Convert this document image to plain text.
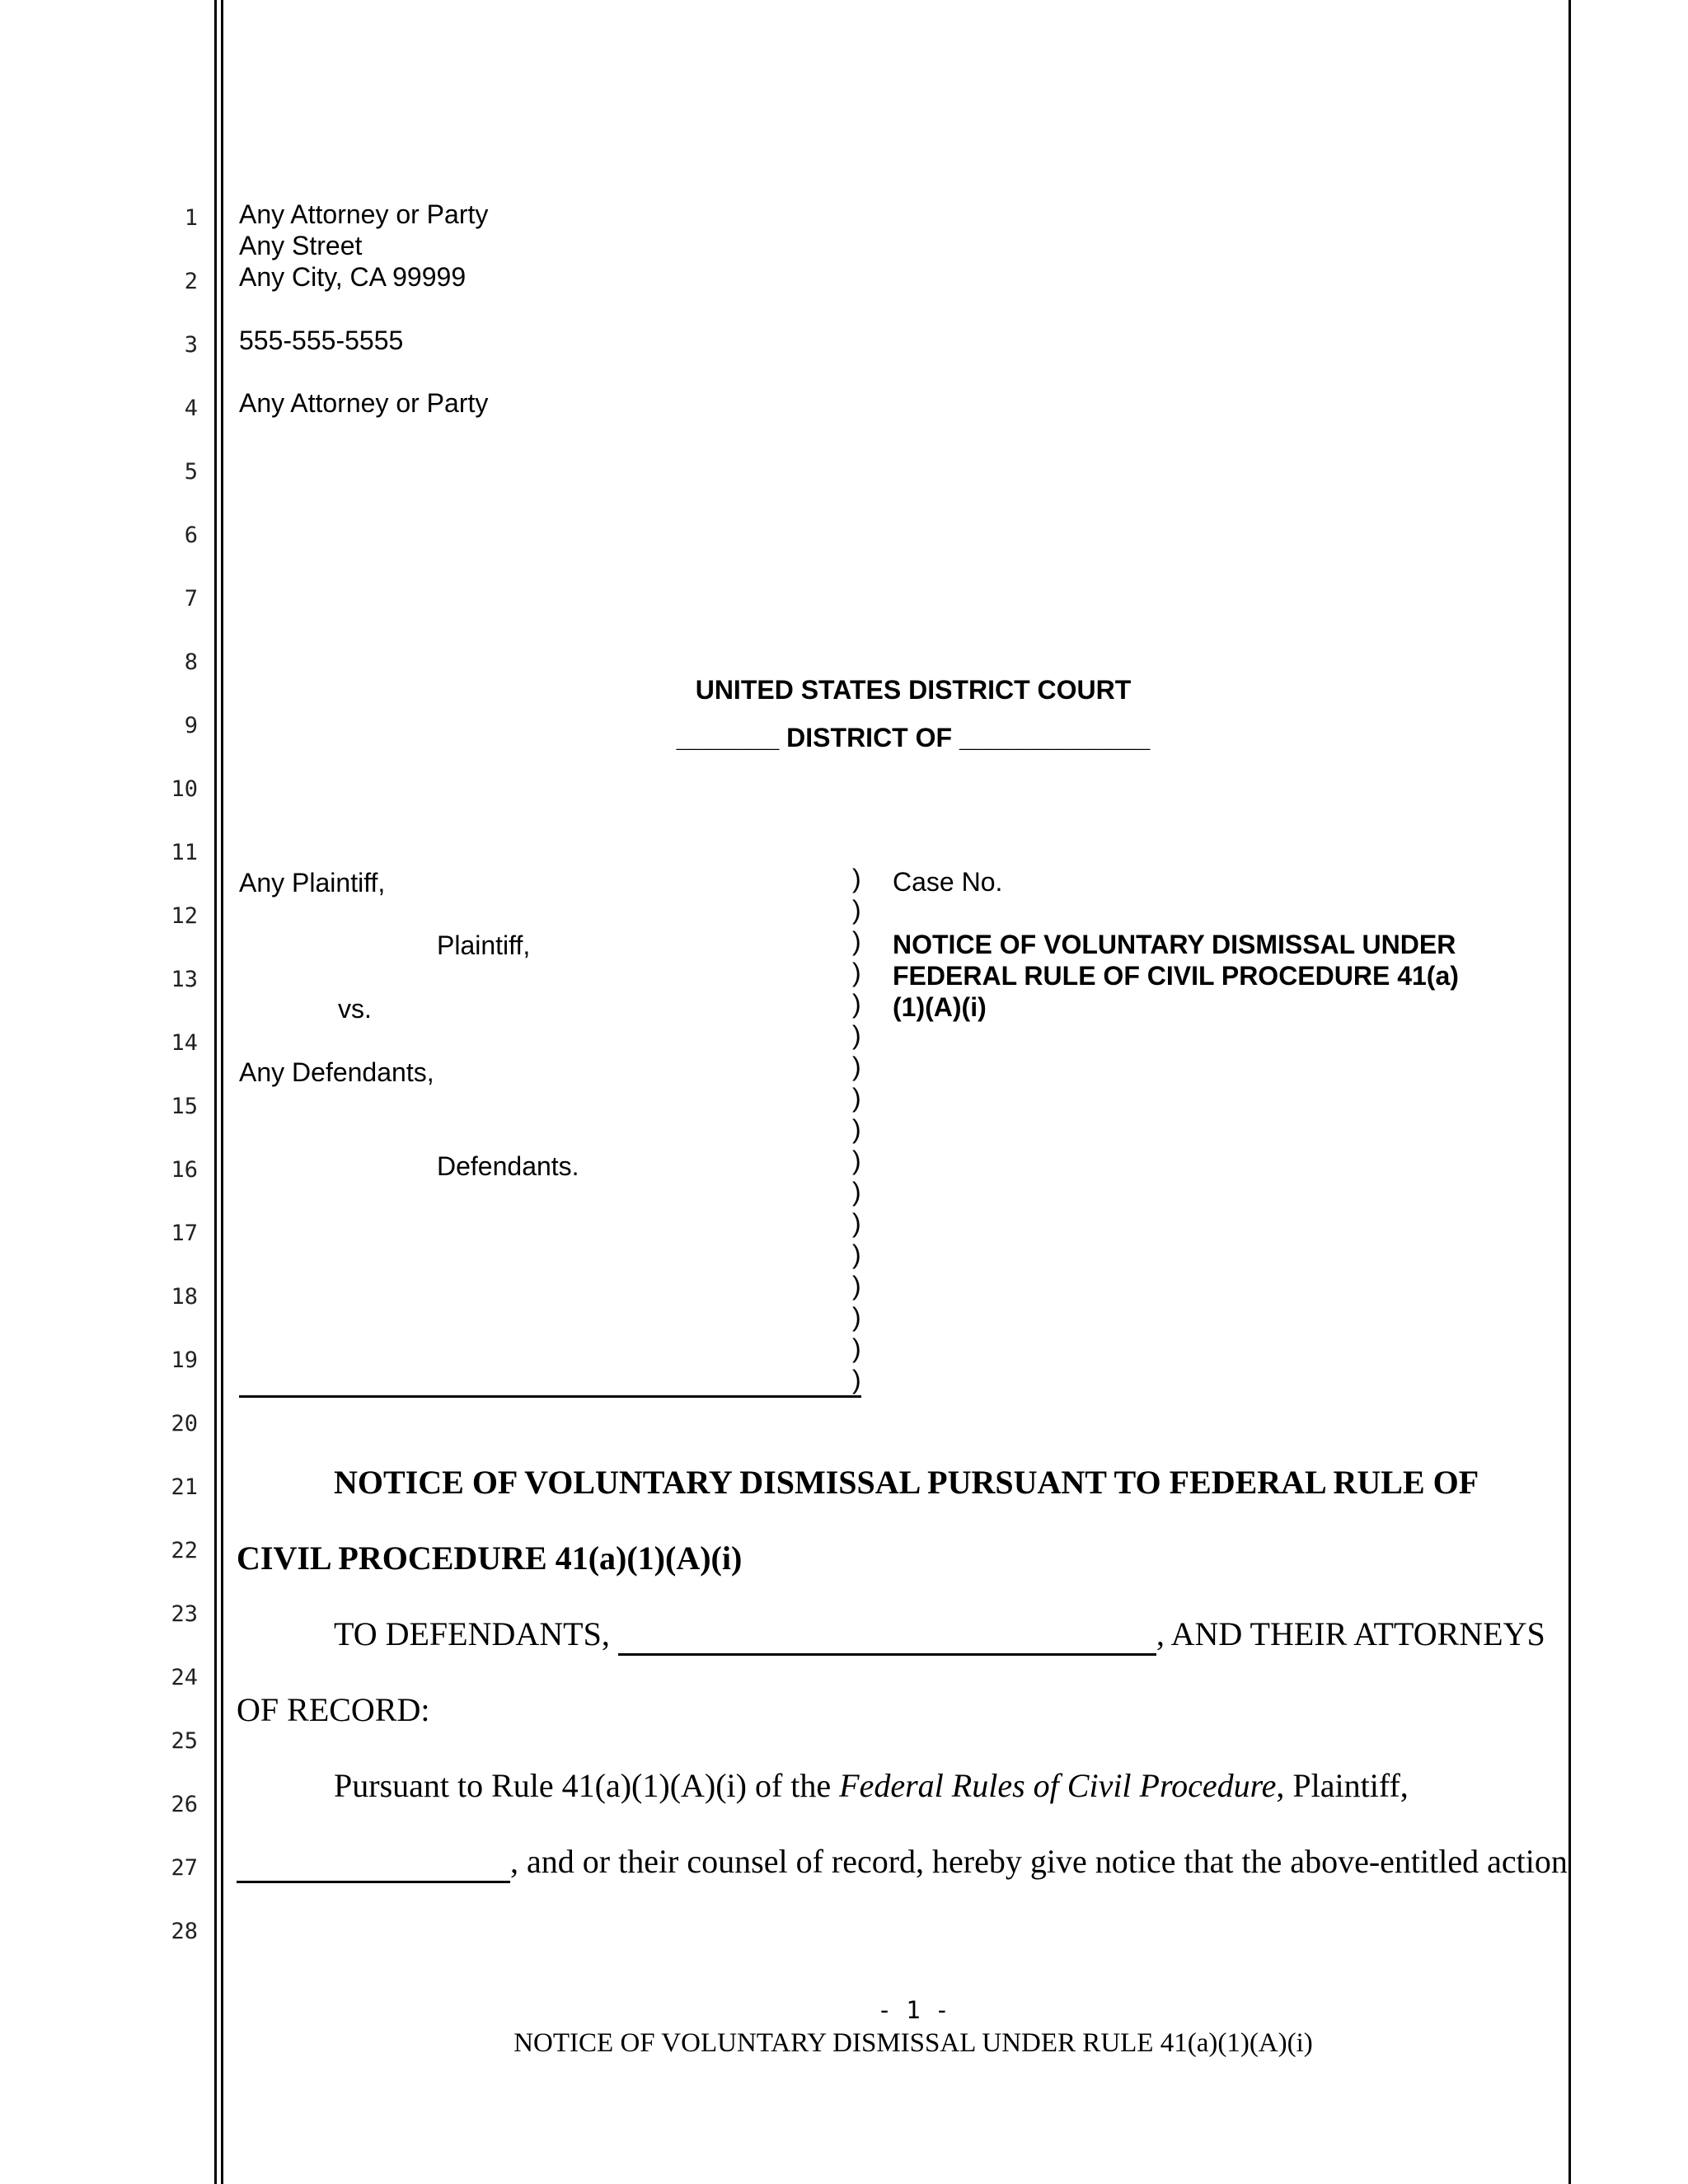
1
2
3
4
5
6
7
8
9
10
11
12
13
14
15
16
17
18
19
20
21
22
23
24
25
26
27
28
Any Attorney or Party
Any Street
Any City, CA 99999
555-555-5555
Any Attorney or Party
UNITED STATES DISTRICT COURT
_______ DISTRICT OF _____________
Any Plaintiff,
Plaintiff,
vs.
Any Defendants,
Defendants.
)
)
)
)
)
)
)
)
)
)
)
)
)
)
)
)
)
Case No.
NOTICE OF VOLUNTARY DISMISSAL UNDER
FEDERAL RULE OF CIVIL PROCEDURE 41(a)
(1)(A)(i)
NOTICE OF VOLUNTARY DISMISSAL PURSUANT TO FEDERAL RULE OF
CIVIL PROCEDURE 41(a)(1)(A)(i)
TO DEFENDANTS,	, AND THEIR ATTORNEYS
OF RECORD:
Pursuant to Rule 41(a)(1)(A)(i) of the Federal Rules of Civil Procedure, Plaintiff,
, and or their counsel of record, hereby give notice that the above-entitled action
- 1 -
NOTICE OF VOLUNTARY DISMISSAL UNDER RULE 41(a)(1)(A)(i)
